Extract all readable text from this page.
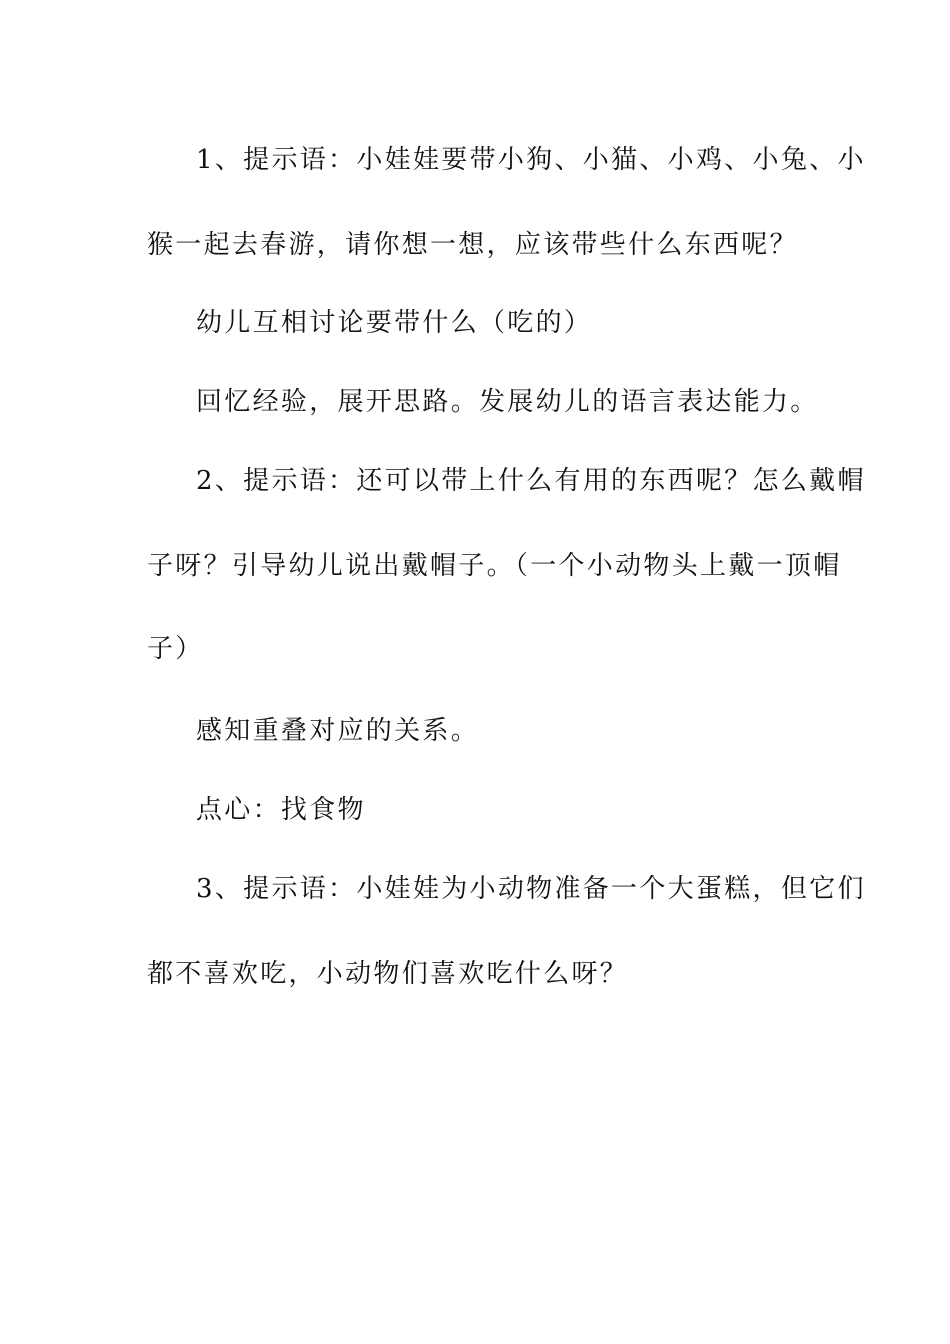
1、提示语：小娃娃要带小狗、小猫、小鸡、小兔、小
猴一起去春游，请你想一想，应该带些什么东西呢？
幼儿互相讨论要带什么（吃的）
回忆经验，展开思路。发展幼儿的语言表达能力。
2、提示语：还可以带上什么有用的东西呢？怎么戴帽
子呀？引导幼儿说出戴帽子。（一个小动物头上戴一顶帽
子）
感知重叠对应的关系。
点心：找食物
3、提示语：小娃娃为小动物准备一个大蛋糕，但它们
都不喜欢吃，小动物们喜欢吃什么呀？
